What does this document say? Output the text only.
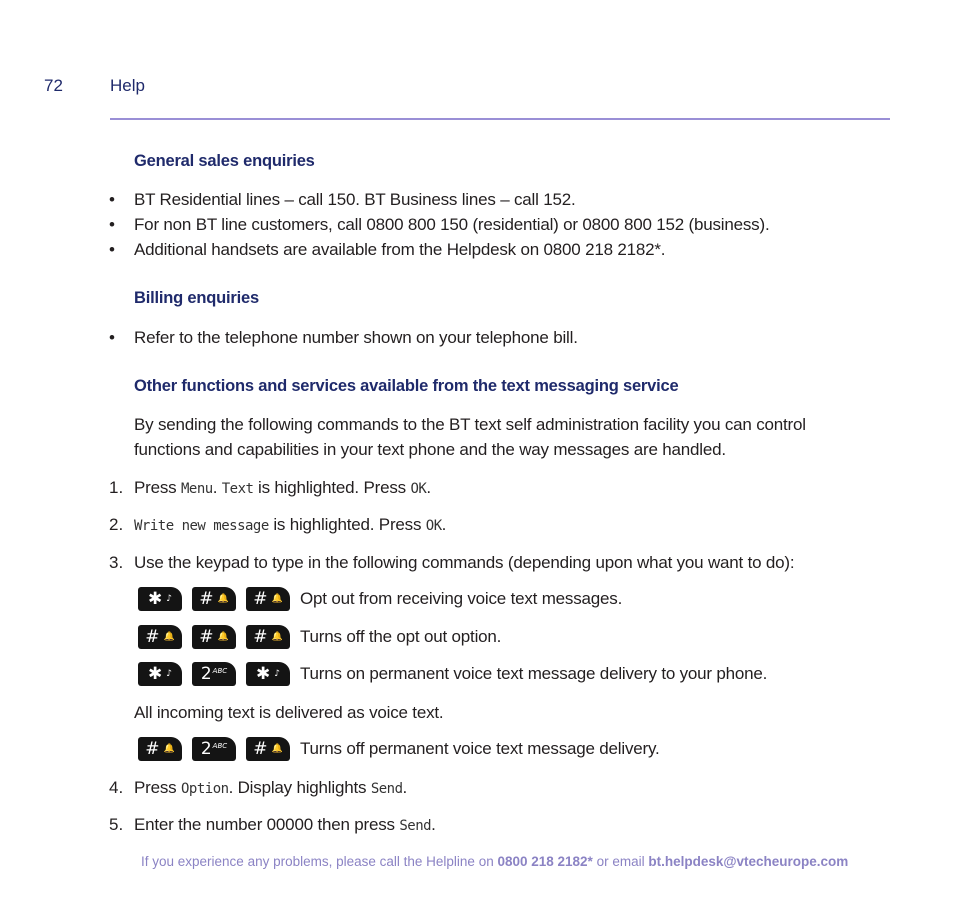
72	Help
General sales enquiries
• BT Residential lines – call 150. BT Business lines – call 152.
• For non BT line customers, call 0800 800 150 (residential) or 0800 800 152 (business).
• Additional handsets are available from the Helpdesk on 0800 218 2182*.
Billing enquiries
• Refer to the telephone number shown on your telephone bill.
Other functions and services available from the text messaging service
By sending the following commands to the BT text self administration facility you can control
functions and capabilities in your text phone and the way messages are handled.
1. Press Menu. Text is highlighted. Press OK.
2. Write new message is highlighted. Press OK.
3. Use the keypad to type in the following commands (depending upon what you want to do):
✱ ♪ # 🔔 # 🔔 Opt out from receiving voice text messages.
# 🔔 # 🔔 # 🔔 Turns off the opt out option.
✱ ♪ 2 ABC ✱ ♪ Turns on permanent voice text message delivery to your phone.
All incoming text is delivered as voice text.
# 🔔 2 ABC # 🔔 Turns off permanent voice text message delivery.
4. Press Option. Display highlights Send.
5. Enter the number 00000 then press Send.
If you experience any problems, please call the Helpline on 0800 218 2182* or email bt.helpdesk@vtecheurope.com
